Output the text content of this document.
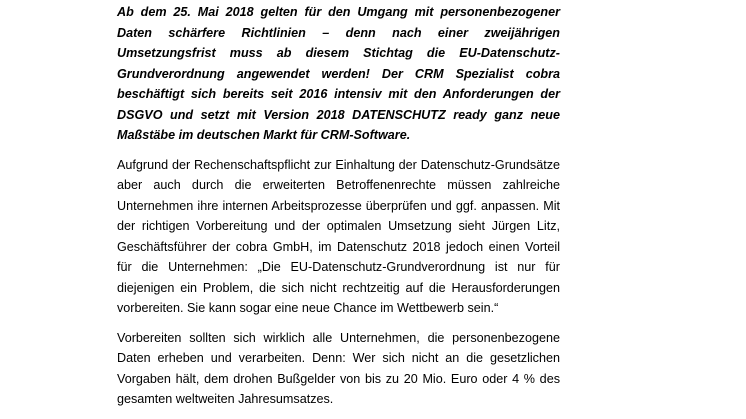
Ab dem 25. Mai 2018 gelten für den Umgang mit personenbezogener Daten schärfere Richtlinien – denn nach einer zweijährigen Umsetzungsfrist muss ab diesem Stichtag die EU-Datenschutz-Grundverordnung angewendet werden! Der CRM Spezialist cobra beschäftigt sich bereits seit 2016 intensiv mit den Anforderungen der DSGVO und setzt mit Version 2018 DATENSCHUTZ ready ganz neue Maßstäbe im deutschen Markt für CRM-Software.

Aufgrund der Rechenschaftspflicht zur Einhaltung der Datenschutz-Grundsätze aber auch durch die erweiterten Betroffenenrechte müssen zahlreiche Unternehmen ihre internen Arbeitsprozesse überprüfen und ggf. anpassen. Mit der richtigen Vorbereitung und der optimalen Umsetzung sieht Jürgen Litz, Geschäftsführer der cobra GmbH, im Datenschutz 2018 jedoch einen Vorteil für die Unternehmen: „Die EU-Datenschutz-Grundverordnung ist nur für diejenigen ein Problem, die sich nicht rechtzeitig auf die Herausforderungen vorbereiten. Sie kann sogar eine neue Chance im Wettbewerb sein.“

Vorbereiten sollten sich wirklich alle Unternehmen, die personenbezogene Daten erheben und verarbeiten. Denn: Wer sich nicht an die gesetzlichen Vorgaben hält, dem drohen Bußgelder von bis zu 20 Mio. Euro oder 4 % des gesamten weltweiten Jahresumsatzes.
